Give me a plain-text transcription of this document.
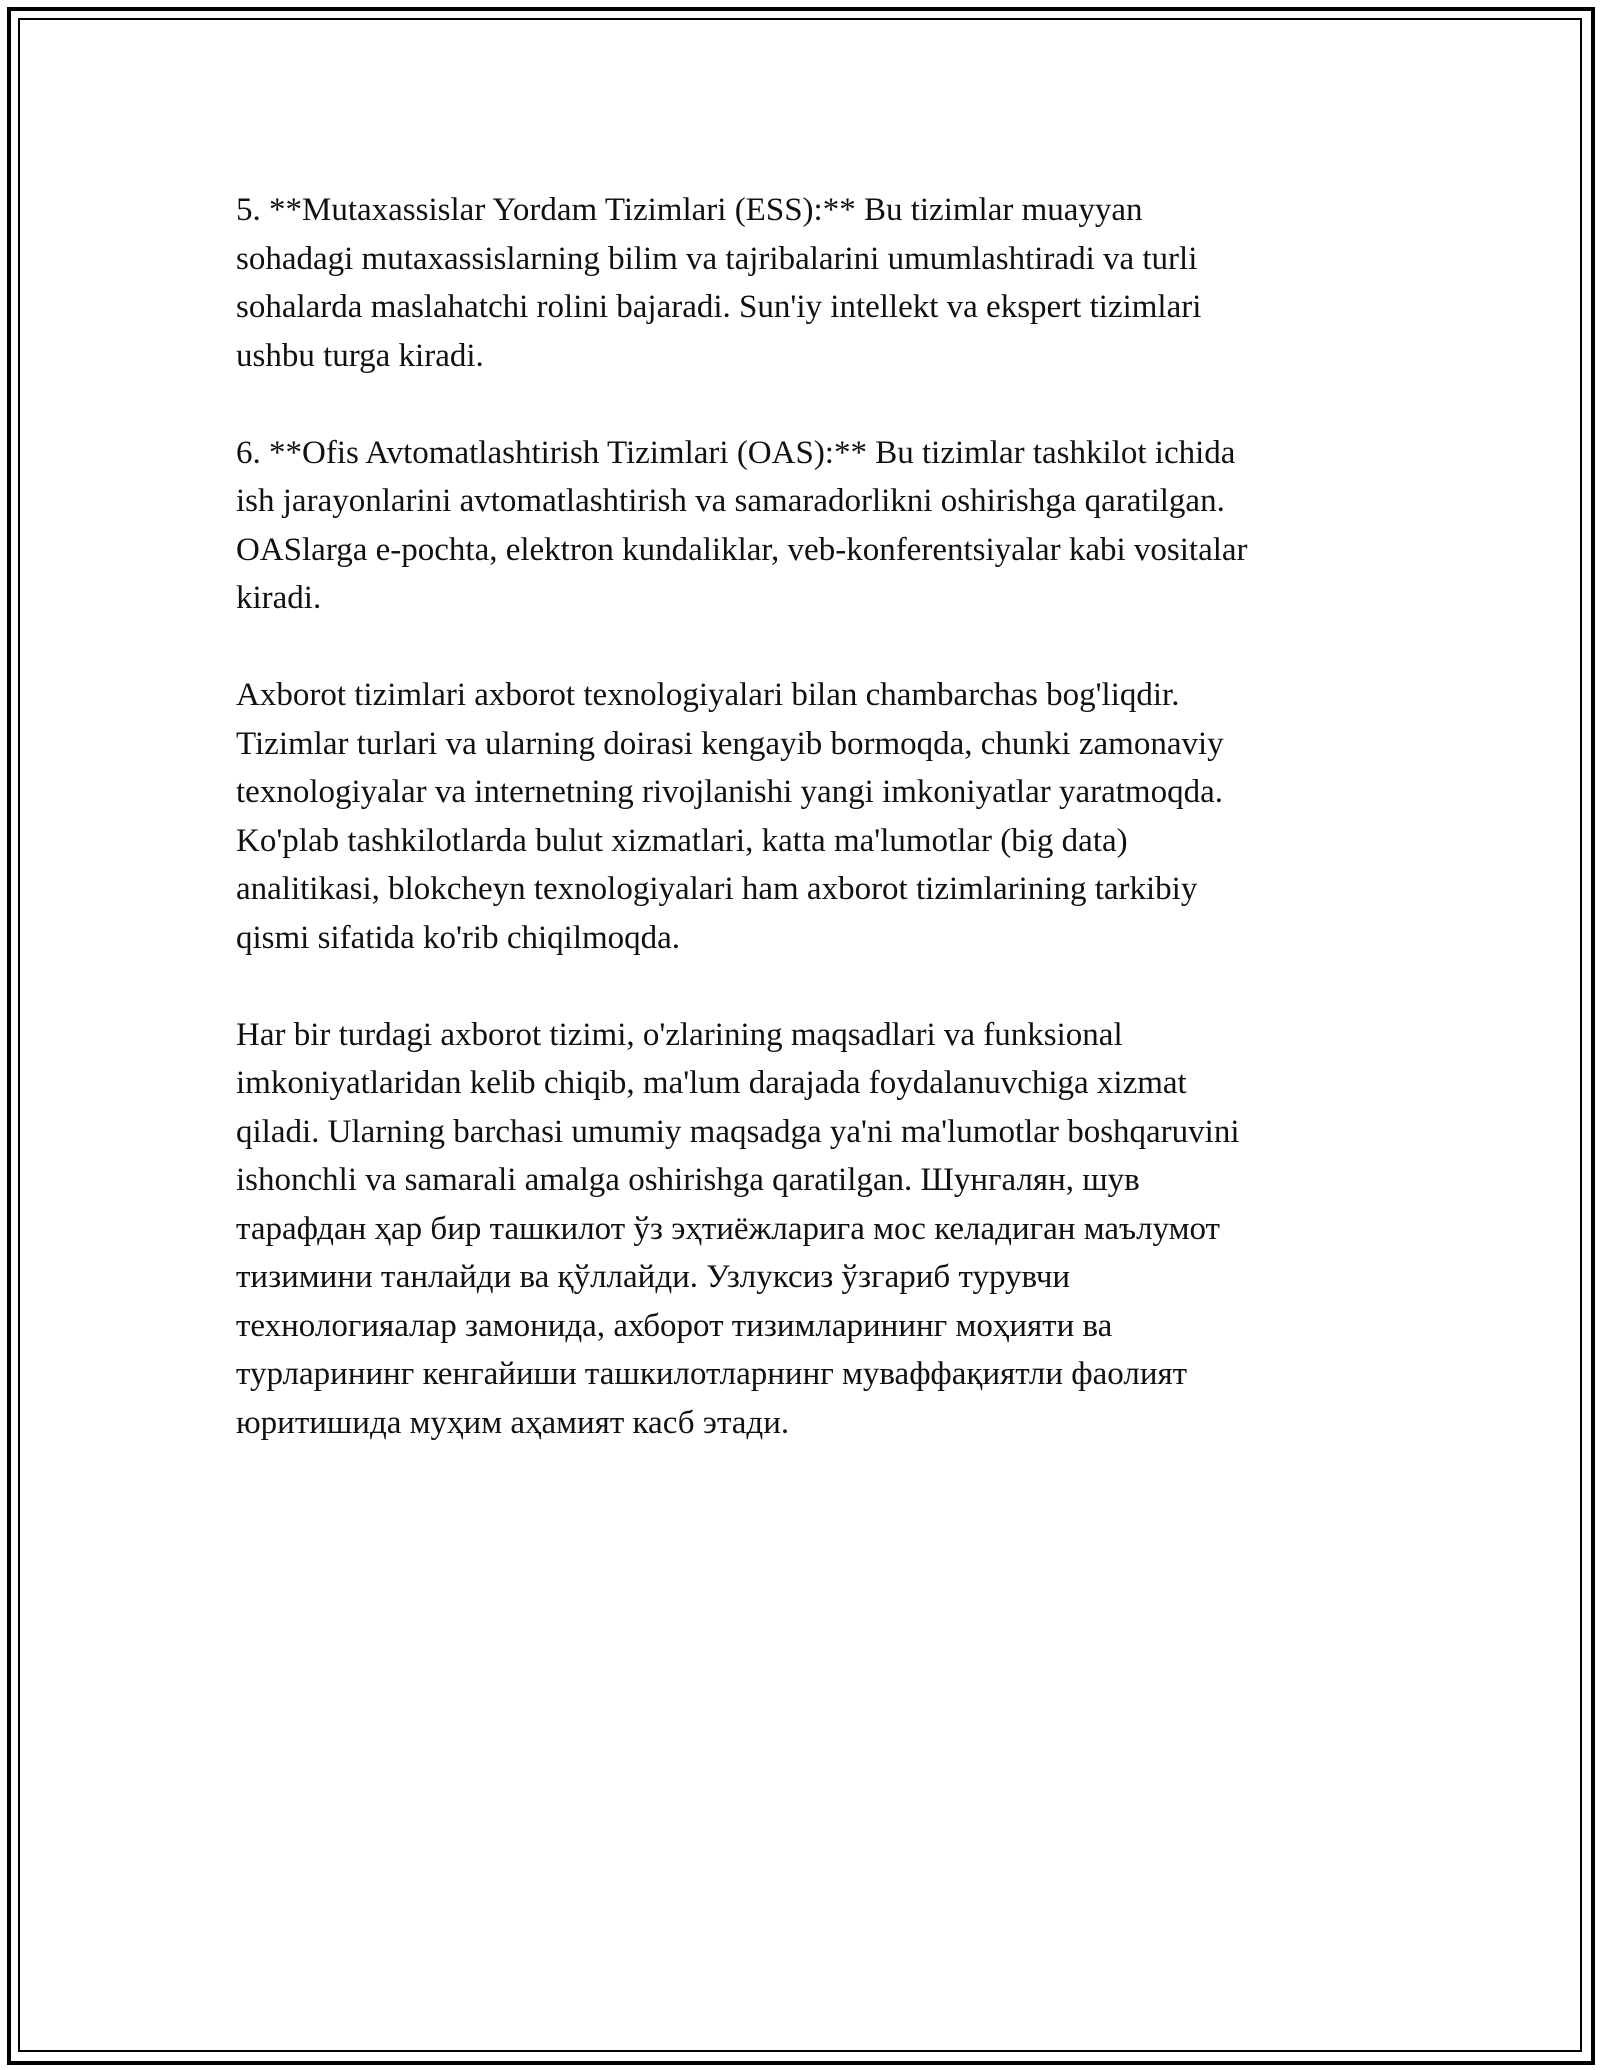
5. **Mutaxassislar Yordam Tizimlari (ESS):** Bu tizimlar muayyan
sohadagi mutaxassislarning bilim va tajribalarini umumlashtiradi va turli
sohalarda maslahatchi rolini bajaradi. Sun'iy intellekt va ekspert tizimlari
ushbu turga kiradi.

6. **Ofis Avtomatlashtirish Tizimlari (OAS):** Bu tizimlar tashkilot ichida
ish jarayonlarini avtomatlashtirish va samaradorlikni oshirishga qaratilgan.
OASlarga e-pochta, elektron kundaliklar, veb-konferentsiyalar kabi vositalar
kiradi.

Axborot tizimlari axborot texnologiyalari bilan chambarchas bog'liqdir.
Tizimlar turlari va ularning doirasi kengayib bormoqda, chunki zamonaviy
texnologiyalar va internetning rivojlanishi yangi imkoniyatlar yaratmoqda.
Ko'plab tashkilotlarda bulut xizmatlari, katta ma'lumotlar (big data)
analitikasi, blokcheyn texnologiyalari ham axborot tizimlarining tarkibiy
qismi sifatida ko'rib chiqilmoqda.

Har bir turdagi axborot tizimi, o'zlarining maqsadlari va funksional
imkoniyatlaridan kelib chiqib, ma'lum darajada foydalanuvchiga xizmat
qiladi. Ularning barchasi umumiy maqsadga ya'ni ma'lumotlar boshqaruvini
ishonchli va samarali amalga oshirishga qaratilgan. Шунгалян, шув
тарафдан ҳар бир ташкилот ўз эҳтиёжларига мос келадиган маълумот
тизимини танлайди ва қўллайди. Узлуксиз ўзгариб турувчи
технологияалар замонида, ахборот тизимларининг моҳияти ва
турларининг кенгайиши ташкилотларнинг муваффақиятли фаолият
юритишида муҳим аҳамият касб этади.
